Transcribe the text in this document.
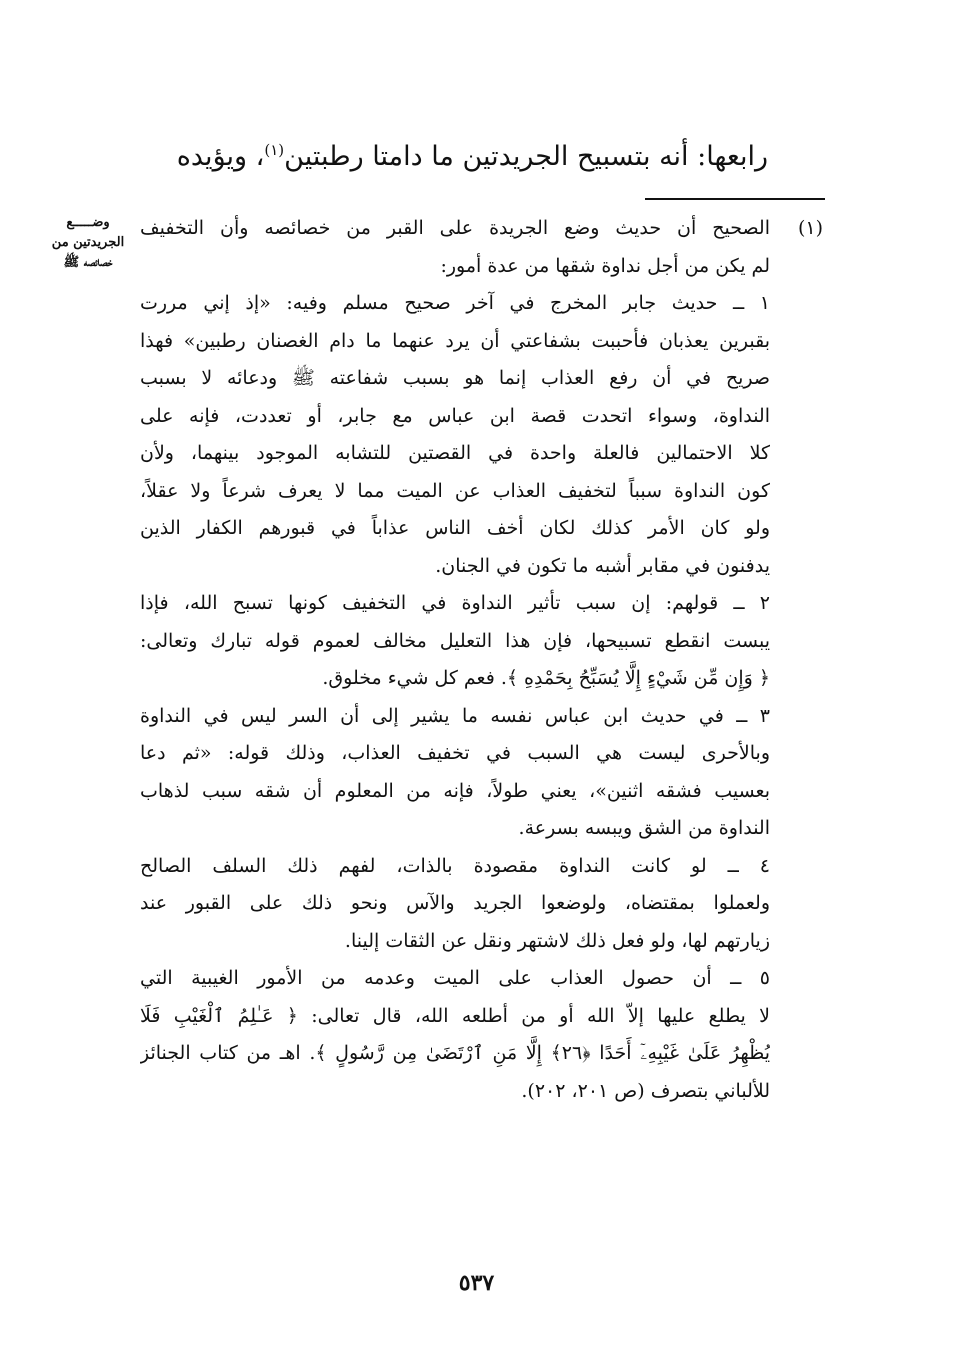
رابعها: أنه بتسبيح الجريدتين ما دامتا رطبتين$^{(١)}$، ويؤيده
وضـــــع
الجريدتين من
خصائصه ﷺ
(١)
الصحيح أن حديث وضع الجريدة على القبر من خصائصه وأن التخفيف
لم يكن من أجل نداوة شقها من عدة أمور:
١ ــ حديث جابر المخرج في آخر صحيح مسلم وفيه: «إذ إني مررت
بقبرين يعذبان فأحببت بشفاعتي أن يرد عنهما ما دام الغصنان رطبين» فهذا
صريح في أن رفع العذاب إنما هو بسبب شفاعته ﷺ ودعائه لا بسبب
النداوة، وسواء اتحدت قصة ابن عباس مع جابر، أو تعددت، فإنه على
كلا الاحتمالين فالعلة واحدة في القصتين للتشابه الموجود بينهما، ولأن
كون النداوة سبباً لتخفيف العذاب عن الميت مما لا يعرف شرعاً ولا عقلاً،
ولو كان الأمر كذلك لكان أخف الناس عذاباً في قبورهم الكفار الذين
يدفنون في مقابر أشبه ما تكون في الجنان.
٢ ــ قولهم: إن سبب تأثير النداوة في التخفيف كونها تسبح الله، فإذا
يبست انقطع تسبيحها، فإن هذا التعليل مخالف لعموم قوله تبارك وتعالى:
﴿ وَإِن مِّن شَيْءٍ إِلَّا يُسَبِّحُ بِحَمْدِهِ ﴾. فعم كل شيء مخلوق.
٣ ــ في حديث ابن عباس نفسه ما يشير إلى أن السر ليس في النداوة
وبالأحرى ليست هي السبب في تخفيف العذاب، وذلك قوله: «ثم دعا
بعسيب فشقه اثنين»، يعني طولاً، فإنه من المعلوم أن شقه سبب لذهاب
النداوة من الشق ويبسه بسرعة.
٤ ــ لو كانت النداوة مقصودة بالذات، لفهم ذلك السلف الصالح
ولعملوا بمقتضاه، ولوضعوا الجريد والآس ونحو ذلك على القبور عند
زيارتهم لها، ولو فعل ذلك لاشتهر ونقل عن الثقات إلينا.
٥ ــ أن حصول العذاب على الميت وعدمه من الأمور الغيبية التي
لا يطلع عليها إلاّ الله أو من أطلعه الله، قال تعالى: ﴿ عَـٰلِمُ ٱلْغَيْبِ فَلَا
يُظْهِرُ عَلَىٰ غَيْبِهِۦٓ أَحَدًا ﴿٢٦﴾ إِلَّا مَنِ ٱرْتَضَىٰ مِن رَّسُولٍ ﴾. اهـ من كتاب الجنائز
للألباني بتصرف (ص ٢٠١، ٢٠٢).
٥٣٧
